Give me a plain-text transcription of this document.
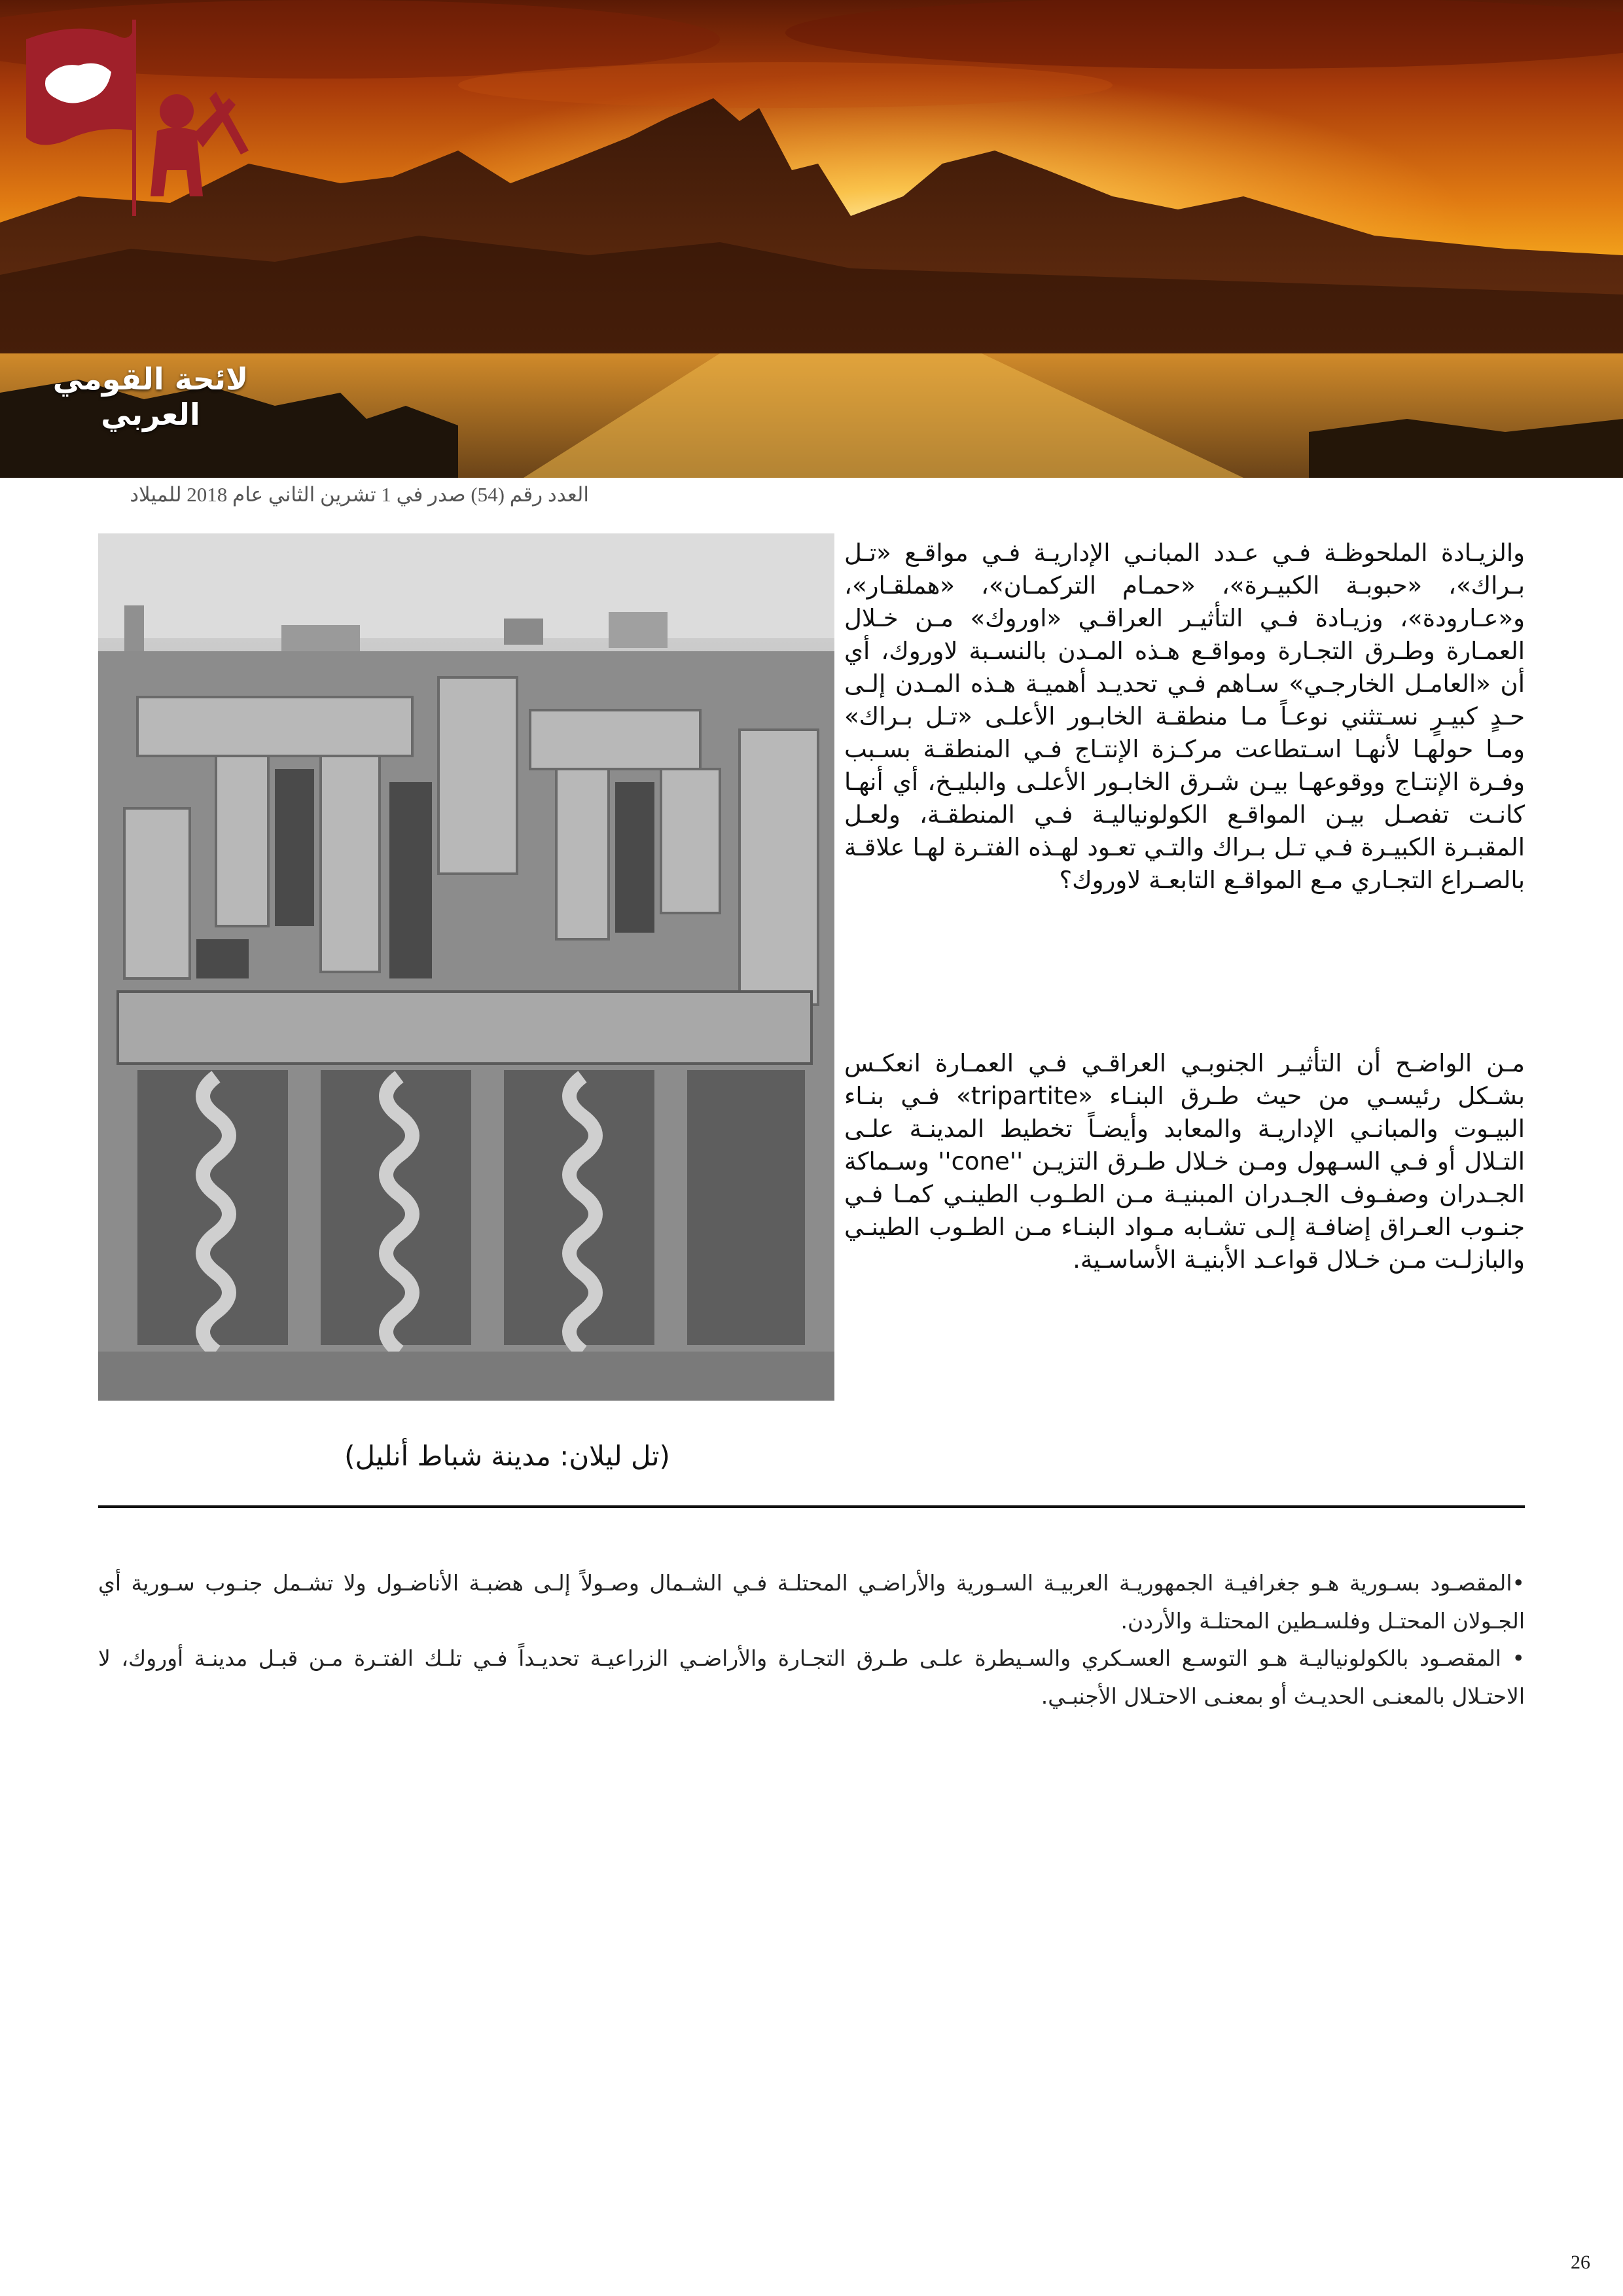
لائحة القومي العربي
العدد رقم (54) صدر في 1 تشرين الثاني عام 2018 للميلاد
(تل ليلان: مدينة شباط أنليل)
والزيـادة الملحوظـة فـي عـدد المبانـي الإداريـة فـي مواقـع «تـل بـراك»، «حبوبـة الكبيـرة»، «حمـام التركمـان»، «هملقـار»، و«عـارودة»، وزيـادة فـي التأثيـر العراقـي «اوروك» مـن خـلال العمـارة وطـرق التجـارة ومواقـع هـذه المـدن بالنسـبة لاوروك، أي أن «العامـل الخارجـي» سـاهم فـي تحديـد أهميـة هـذه المـدن إلـى حـدٍ كبيـرٍ نسـتثني نوعـاً مـا منطقـة الخابـور الأعلـى «تـل بـراك» ومـا حولهـا لأنهـا اسـتطاعت مركـزة الإنتـاج فـي المنطقـة بسـبب وفـرة الإنتـاج ووقوعهـا بيـن شـرق الخابـور الأعلـى والبليـخ، أي أنهـا كانـت تفصـل بيـن المواقـع الكولونياليـة فـي المنطقـة، ولعـل المقبـرة الكبيـرة فـي تـل بـراك والتـي تعـود لهـذه الفتـرة لهـا علاقـة بالصـراع التجـاري مـع المواقـع التابعـة لاوروك؟
مـن الواضـح أن التأثيـر الجنوبـي العراقـي فـي العمـارة انعكـس بشـكل رئيسـي من حيث طـرق البنـاء «tripartite» فـي بنـاء البيـوت والمبانـي الإداريـة والمعابد وأيضـاً تخطيط المدينـة علـى التـلال أو فـي السـهول ومـن خـلال طـرق التزيـن ''cone'' وسـماكة الجـدران وصفـوف الجـدران المبنيـة مـن الطـوب الطينـي كمـا فـي جنـوب العـراق إضافـة إلـى تشـابه مـواد البنـاء مـن الطـوب الطينـي والبازلـت مـن خـلال قواعـد الأبنيـة الأساسـية.
•المقصـود بسـورية هـو جغرافيـة الجمهوريـة العربيـة السـورية والأراضـي المحتلـة فـي الشـمال وصـولاً إلـى هضبـة الأناضـول ولا تشـمل جنـوب سـورية أي الجـولان المحتـل وفلسـطين المحتلـة والأردن.
• المقصـود بالكولونياليـة هـو التوسـع العسـكري والسـيطرة علـى طـرق التجـارة والأراضـي الزراعيـة تحديـداً فـي تلـك الفتـرة مـن قبـل مدينـة أوروك، لا الاحتـلال بالمعنـى الحديـث أو بمعنـى الاحتـلال الأجنبـي.
26
